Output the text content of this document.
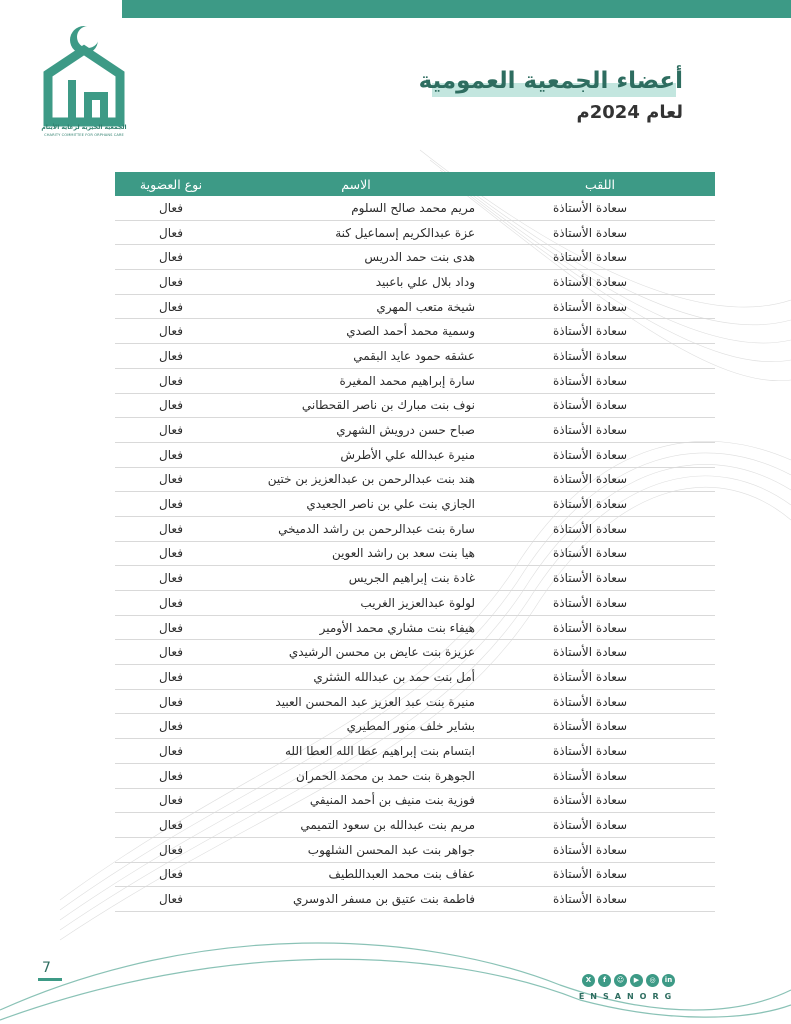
الجمعية الخيرية لرعاية الأيتام
CHARITY COMMITTEE FOR ORPHANS CARE
أعضاء الجمعية العمومية
لعام 2024م
اللقب	الاسم	نوع العضوية
سعادة الأستاذة	مريم محمد صالح السلوم	فعال
سعادة الأستاذة	عزة عبدالكريم إسماعيل كنة	فعال
سعادة الأستاذة	هدى بنت حمد الدريس	فعال
سعادة الأستاذة	وداد بلال علي باعبيد	فعال
سعادة الأستاذة	شيخة متعب المهري	فعال
سعادة الأستاذة	وسمية محمد أحمد الصدي	فعال
سعادة الأستاذة	عشقه حمود عايد البقمي	فعال
سعادة الأستاذة	سارة إبراهيم محمد المغيرة	فعال
سعادة الأستاذة	نوف بنت مبارك بن ناصر القحطاني	فعال
سعادة الأستاذة	صباح حسن درويش الشهري	فعال
سعادة الأستاذة	منيرة عبدالله علي الأطرش	فعال
سعادة الأستاذة	هند بنت عبدالرحمن بن عبدالعزيز بن ختين	فعال
سعادة الأستاذة	الجازي بنت علي بن ناصر الجعيدي	فعال
سعادة الأستاذة	سارة بنت عبدالرحمن بن راشد الدميخي	فعال
سعادة الأستاذة	هيا بنت سعد بن راشد العوين	فعال
سعادة الأستاذة	غادة بنت إبراهيم الجريس	فعال
سعادة الأستاذة	لولوة عبدالعزيز الغريب	فعال
سعادة الأستاذة	هيفاء بنت مشاري محمد الأومير	فعال
سعادة الأستاذة	عزيزة بنت عايض بن محسن الرشيدي	فعال
سعادة الأستاذة	أمل بنت حمد بن عبدالله الشثري	فعال
سعادة الأستاذة	منيرة بنت عبد العزيز عبد المحسن العبيد	فعال
سعادة الأستاذة	بشاير خلف منور المطيري	فعال
سعادة الأستاذة	ابتسام بنت إبراهيم عطا الله العطا الله	فعال
سعادة الأستاذة	الجوهرة بنت حمد بن محمد الحمران	فعال
سعادة الأستاذة	فوزية بنت منيف بن أحمد المنيفي	فعال
سعادة الأستاذة	مريم بنت عبدالله بن سعود التميمي	فعال
سعادة الأستاذة	جواهر بنت عبد المحسن الشلهوب	فعال
سعادة الأستاذة	عفاف بنت محمد العبداللطيف	فعال
سعادة الأستاذة	فاطمة بنت عتيق بن مسفر الدوسري	فعال
7
in
◎
▶
☺
f
X
ENSANORG
